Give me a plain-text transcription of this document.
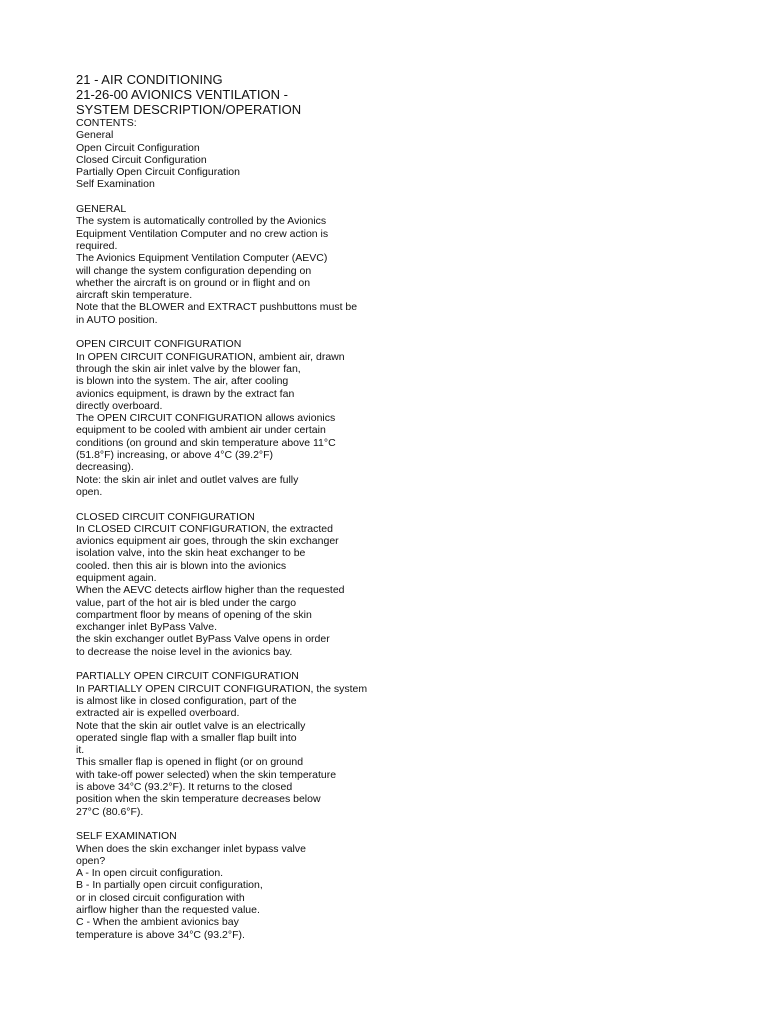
21 - AIR CONDITIONING
21-26-00 AVIONICS VENTILATION -
SYSTEM DESCRIPTION/OPERATION
CONTENTS:
General
Open Circuit Configuration
Closed Circuit Configuration
Partially Open Circuit Configuration
Self Examination
GENERAL
The system is automatically controlled by the Avionics
Equipment Ventilation Computer and no crew action is
required.
The Avionics Equipment Ventilation Computer (AEVC)
will change the system configuration depending on
whether the aircraft is on ground or in flight and on
aircraft skin temperature.
Note that the BLOWER and EXTRACT pushbuttons must be
in AUTO position.
OPEN CIRCUIT CONFIGURATION
In OPEN CIRCUIT CONFIGURATION, ambient air, drawn
through the skin air inlet valve by the blower fan,
is blown into the system. The air, after cooling
avionics equipment, is drawn by the extract fan
directly overboard.
The OPEN CIRCUIT CONFIGURATION allows avionics
equipment to be cooled with ambient air under certain
conditions (on ground and skin temperature above 11°C
(51.8°F) increasing, or above 4°C (39.2°F)
decreasing).
Note: the skin air inlet and outlet valves are fully
open.
CLOSED CIRCUIT CONFIGURATION
In CLOSED CIRCUIT CONFIGURATION, the extracted
avionics equipment air goes, through the skin exchanger
isolation valve, into the skin heat exchanger to be
cooled. then this air is blown into the avionics
equipment again.
When the AEVC detects airflow higher than the requested
value, part of the hot air is bled under the cargo
compartment floor by means of opening of the skin
exchanger inlet ByPass Valve.
the skin exchanger outlet ByPass Valve opens in order
to decrease the noise level in the avionics bay.
PARTIALLY OPEN CIRCUIT CONFIGURATION
In PARTIALLY OPEN CIRCUIT CONFIGURATION, the system
is almost like in closed configuration, part of the
extracted air is expelled overboard.
Note that the skin air outlet valve is an electrically
operated single flap with a smaller flap built into
it.
This smaller flap is opened in flight (or on ground
with take-off power selected) when the skin temperature
is above 34°C (93.2°F). It returns to the closed
position when the skin temperature decreases below
27°C (80.6°F).
SELF EXAMINATION
When does the skin exchanger inlet bypass valve
open?
A - In open circuit configuration.
B - In partially open circuit configuration,
or in closed circuit configuration with
airflow higher than the requested value.
C - When the ambient avionics bay
temperature is above 34°C (93.2°F).
